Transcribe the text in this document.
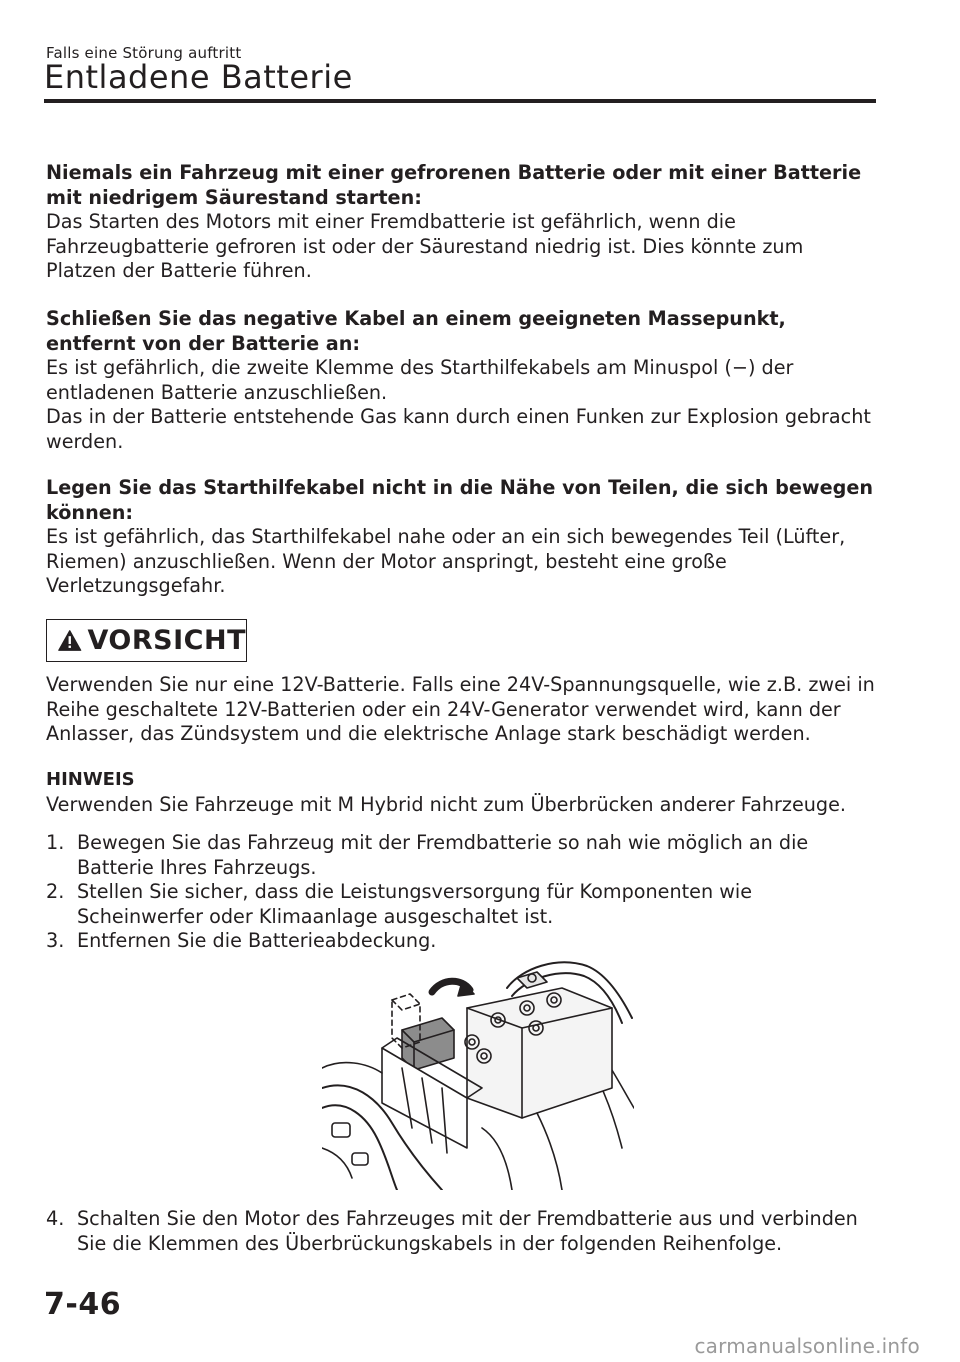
Falls eine Störung auftritt
Entladene Batterie
Niemals ein Fahrzeug mit einer gefrorenen Batterie oder mit einer Batterie mit niedrigem Säurestand starten:
Das Starten des Motors mit einer Fremdbatterie ist gefährlich, wenn die Fahrzeugbatterie gefroren ist oder der Säurestand niedrig ist. Dies könnte zum Platzen der Batterie führen.
Schließen Sie das negative Kabel an einem geeigneten Massepunkt, entfernt von der Batterie an:
Es ist gefährlich, die zweite Klemme des Starthilfekabels am Minuspol (−) der entladenen Batterie anzuschließen.
Das in der Batterie entstehende Gas kann durch einen Funken zur Explosion gebracht werden.
Legen Sie das Starthilfekabel nicht in die Nähe von Teilen, die sich bewegen können:
Es ist gefährlich, das Starthilfekabel nahe oder an ein sich bewegendes Teil (Lüfter, Riemen) anzuschließen. Wenn der Motor anspringt, besteht eine große Verletzungsgefahr.
VORSICHT
Verwenden Sie nur eine 12V-Batterie. Falls eine 24V-Spannungsquelle, wie z.B. zwei in Reihe geschaltete 12V-Batterien oder ein 24V-Generator verwendet wird, kann der Anlasser, das Zündsystem und die elektrische Anlage stark beschädigt werden.
HINWEIS
Verwenden Sie Fahrzeuge mit M Hybrid nicht zum Überbrücken anderer Fahrzeuge.
1. Bewegen Sie das Fahrzeug mit der Fremdbatterie so nah wie möglich an die Batterie Ihres Fahrzeugs.
2. Stellen Sie sicher, dass die Leistungsversorgung für Komponenten wie Scheinwerfer oder Klimaanlage ausgeschaltet ist.
3. Entfernen Sie die Batterieabdeckung.
4. Schalten Sie den Motor des Fahrzeuges mit der Fremdbatterie aus und verbinden Sie die Klemmen des Überbrückungskabels in der folgenden Reihenfolge.
7-46
carmanualsonline.info
